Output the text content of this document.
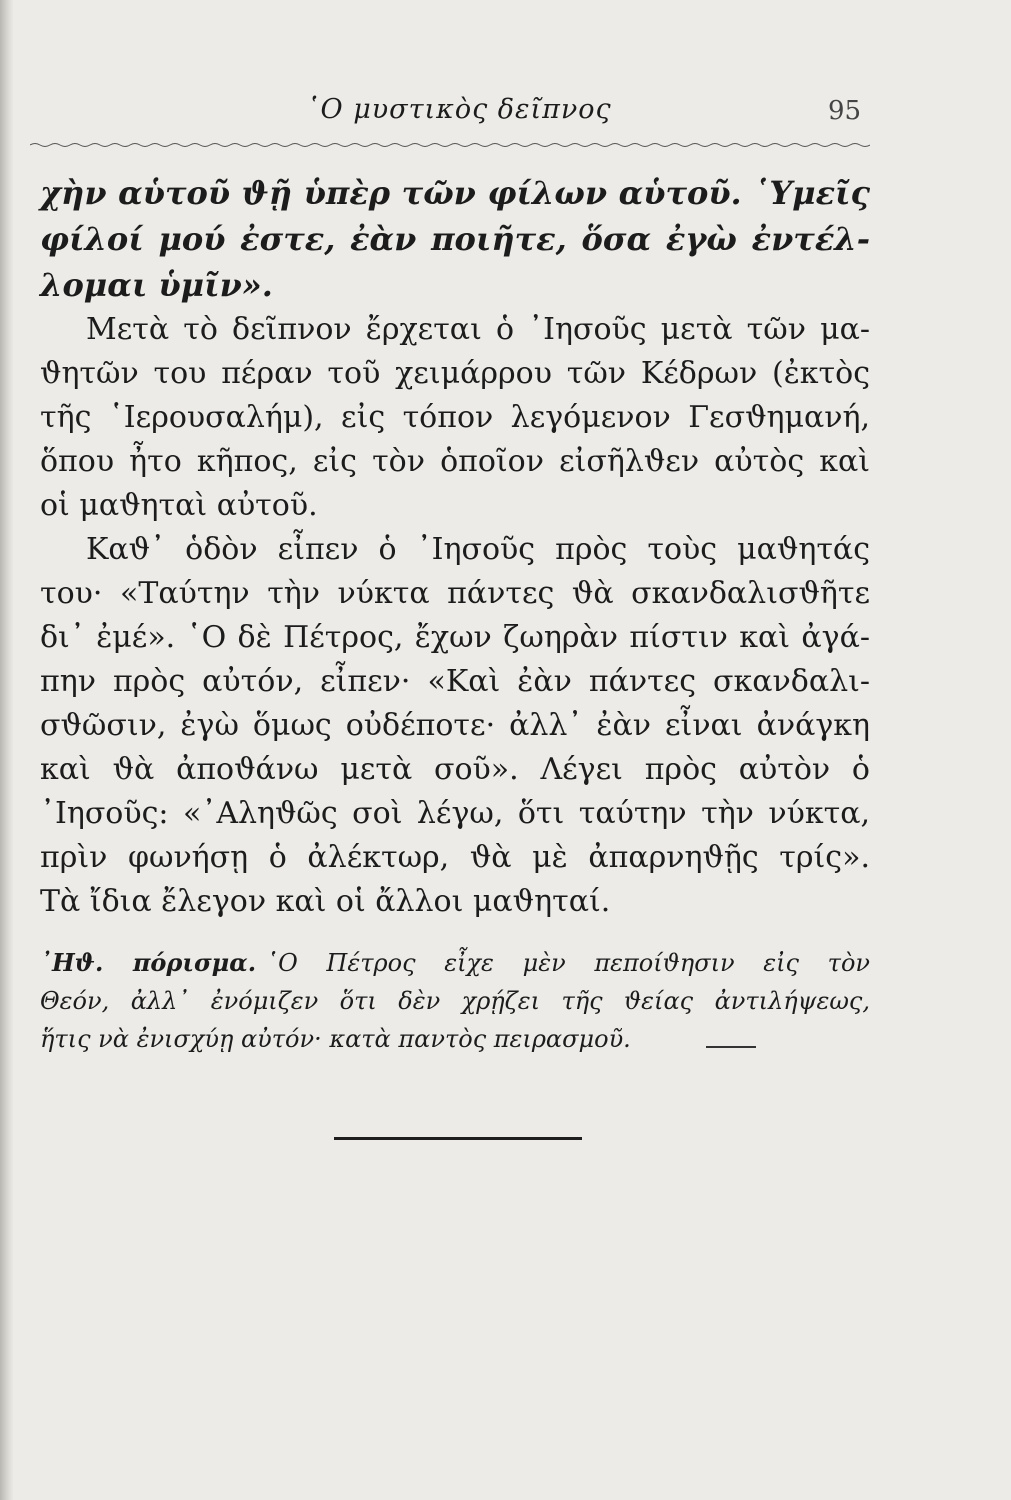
῾Ο μυστικὸς δεῖπνος	95
χὴν αὑτοῦ ϑῇ ὑπὲρ τῶν φίλων αὑτοῦ. ῾Υμεῖς
φίλοί μού ἐστε, ἐὰν ποιῆτε, ὅσα ἐγὼ ἐντέλ-
λομαι ὑμῖν».
Μετὰ τὸ δεῖπνον ἔρχεται ὁ ᾿Ιησοῦς μετὰ τῶν μα-
ϑητῶν του πέραν τοῦ χειμάρρου τῶν Κέδρων (ἐκτὸς
τῆς ῾Ιερουσαλήμ), εἰς τόπον λεγόμενον Γεσϑημανή,
ὅπου ἦτο κῆπος, εἰς τὸν ὁποῖον εἰσῆλϑεν αὐτὸς καὶ
οἱ μαϑηταὶ αὐτοῦ.
Καϑ᾿ ὁδὸν εἶπεν ὁ ᾿Ιησοῦς πρὸς τοὺς μαϑητάς
του· «Ταύτην τὴν νύκτα πάντες ϑὰ σκανδαλισϑῆτε
δι᾿ ἐμέ». ῾Ο δὲ Πέτρος, ἔχων ζωηρὰν πίστιν καὶ ἀγά-
πην πρὸς αὐτόν, εἶπεν· «Καὶ ἐὰν πάντες σκανδαλι-
σϑῶσιν, ἐγὼ ὅμως οὐδέποτε· ἀλλ᾿ ἐὰν εἶναι ἀνάγκη
καὶ ϑὰ ἀποϑάνω μετὰ σοῦ». Λέγει πρὸς αὐτὸν ὁ
᾿Ιησοῦς: «᾿Αληϑῶς σοὶ λέγω, ὅτι ταύτην τὴν νύκτα,
πρὶν φωνήσῃ ὁ ἀλέκτωρ, ϑὰ μὲ ἀπαρνηϑῇς τρίς».
Τὰ ἴδια ἔλεγον καὶ οἱ ἄλλοι μαϑηταί.
᾿Ηϑ. πόρισμα. ῾Ο Πέτρος εἶχε μὲν πεποίϑησιν εἰς τὸν
Θεόν, ἀλλ᾿ ἐνόμιζεν ὅτι δὲν χρῄζει τῆς ϑείας ἀντιλήψεως,
ἥτις νὰ ἐνισχύῃ αὐτόν· κατὰ παντὸς πειρασμοῦ.
